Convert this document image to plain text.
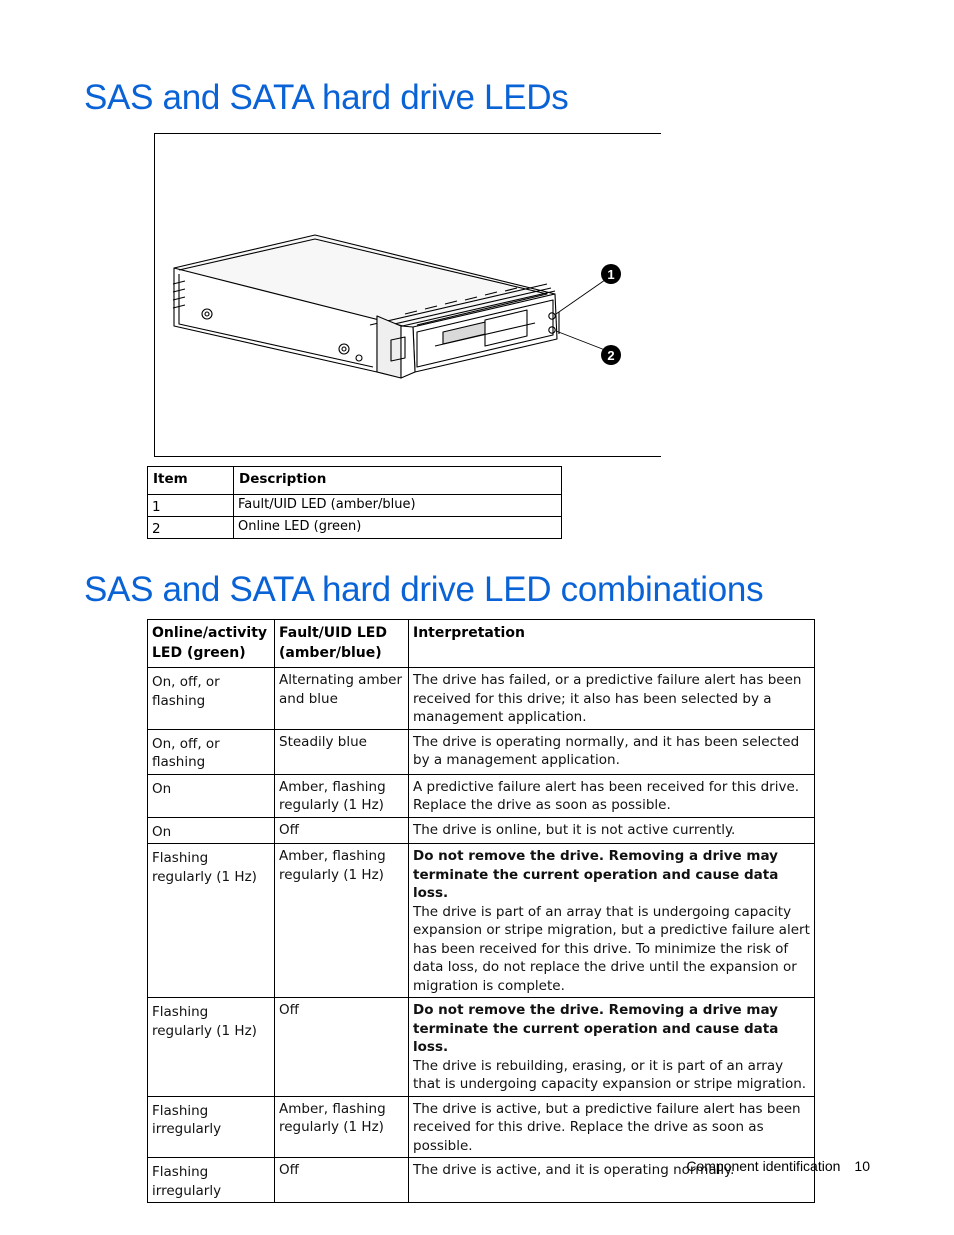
SAS and SATA hard drive LEDs
1
2
Item	Description
1	Fault/UID LED (amber/blue)
2	Online LED (green)
SAS and SATA hard drive LED combinations
Online/activity LED (green)	Fault/UID LED (amber/blue)	Interpretation
On, off, or flashing	Alternating amber and blue	The drive has failed, or a predictive failure alert has been received for this drive; it also has been selected by a management application.
On, off, or flashing	Steadily blue	The drive is operating normally, and it has been selected by a management application.
On	Amber, flashing regularly (1 Hz)	A predictive failure alert has been received for this drive. Replace the drive as soon as possible.
On	Off	The drive is online, but it is not active currently.
Flashing regularly (1 Hz)	Amber, flashing regularly (1 Hz)	Do not remove the drive. Removing a drive may terminate the current operation and cause data loss.
The drive is part of an array that is undergoing capacity expansion or stripe migration, but a predictive failure alert has been received for this drive. To minimize the risk of data loss, do not replace the drive until the expansion or migration is complete.
Flashing regularly (1 Hz)	Off	Do not remove the drive. Removing a drive may terminate the current operation and cause data loss.
The drive is rebuilding, erasing, or it is part of an array that is undergoing capacity expansion or stripe migration.
Flashing irregularly	Amber, flashing regularly (1 Hz)	The drive is active, but a predictive failure alert has been received for this drive. Replace the drive as soon as possible.
Flashing irregularly	Off	The drive is active, and it is operating normally.
Component identification 10
